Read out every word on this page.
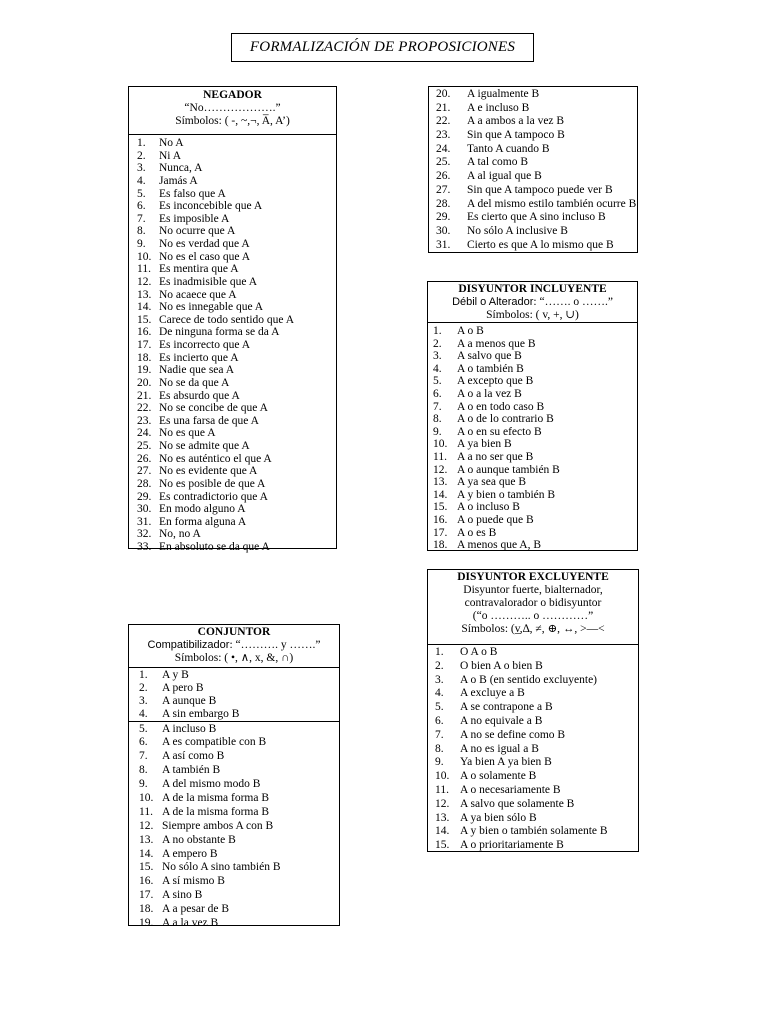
FORMALIZACIÓN DE PROPOSICIONES
NEGADOR
“No……………….”
Símbolos: ( -, ~,¬, A̅, A’)
1.	No A
2.	Ni A
3.	Nunca, A
4.	Jamás A
5.	Es falso que A
6.	Es inconcebible que A
7.	Es imposible A
8.	No ocurre que A
9.	No es verdad que A
10. No es el caso que A
11. Es mentira que A
12. Es inadmisible que A
13. No acaece que A
14. No es innegable que A
15. Carece de todo sentido que A
16. De ninguna forma se da A
17. Es incorrecto que A
18. Es incierto que A
19. Nadie que sea A
20. No se da que A
21. Es absurdo que A
22. No se concibe de que A
23. Es una farsa de que A
24. No es que A
25. No se admite que A
26. No es auténtico el que A
27. No es evidente que A
28. No es posible de que A
29. Es contradictorio que A
30. En modo alguno A
31. En forma alguna A
32. No, no A
33. En absoluto se da que A
20.	A igualmente B
21.	A e incluso B
22.	A a ambos a la vez B
23.	Sin que A tampoco B
24.	Tanto A cuando B
25.	A tal como B
26.	A al igual que B
27.	Sin que A tampoco puede ver B
28.	A del mismo estilo también ocurre B
29.	Es cierto que A sino incluso B
30.	No sólo A inclusive B
31.	Cierto es que A lo mismo que B
DISYUNTOR INCLUYENTE
Débil o Alterador: “……. o …….”
Símbolos: ( v, +, ∪)
1.	A o B
2.	A a menos que B
3.	A salvo que B
4.	A o también B
5.	A excepto que B
6.	A o a la vez B
7.	A o en todo caso B
8.	A o de lo contrario B
9.	A o en su efecto B
10. A ya bien B
11. A a no ser que B
12. A o aunque también B
13. A ya sea que B
14. A y bien o también B
15. A o incluso B
16. A o puede que B
17. A o es B
18. A menos que A, B
DISYUNTOR EXCLUYENTE
Disyuntor fuerte, bialternador,
contravalorador o bidisyuntor
(“o ……….. o …………”
Símbolos: (v̲,∆, ≠, ⊕, ↔, >—<
1.	O A o B
2.	O bien A o bien B
3.	A o B (en sentido excluyente)
4.	A excluye a B
5.	A se contrapone a B
6.	A no equivale a B
7.	A no se define como B
8.	A no es igual a B
9.	Ya bien A ya bien B
10. A o solamente B
11. A o necesariamente B
12. A salvo que solamente B
13. A ya bien sólo B
14. A y bien o también solamente B
15. A o prioritariamente B
CONJUNTOR
Compatibilizador: “………. y …….”
Símbolos: ( •, ∧, x, &, ∩)
1.	A y B
2.	A pero B
3.	A aunque B
4.	A sin embargo B
5.	A incluso B
6.	A es compatible con B
7.	A así como B
8.	A también B
9.	A del mismo modo B
10. A de la misma forma B
11. A de la misma forma B
12. Siempre ambos A con B
13. A no obstante B
14. A empero B
15. No sólo A sino también B
16. A sí mismo B
17. A sino B
18. A a pesar de B
19. A a la vez B
